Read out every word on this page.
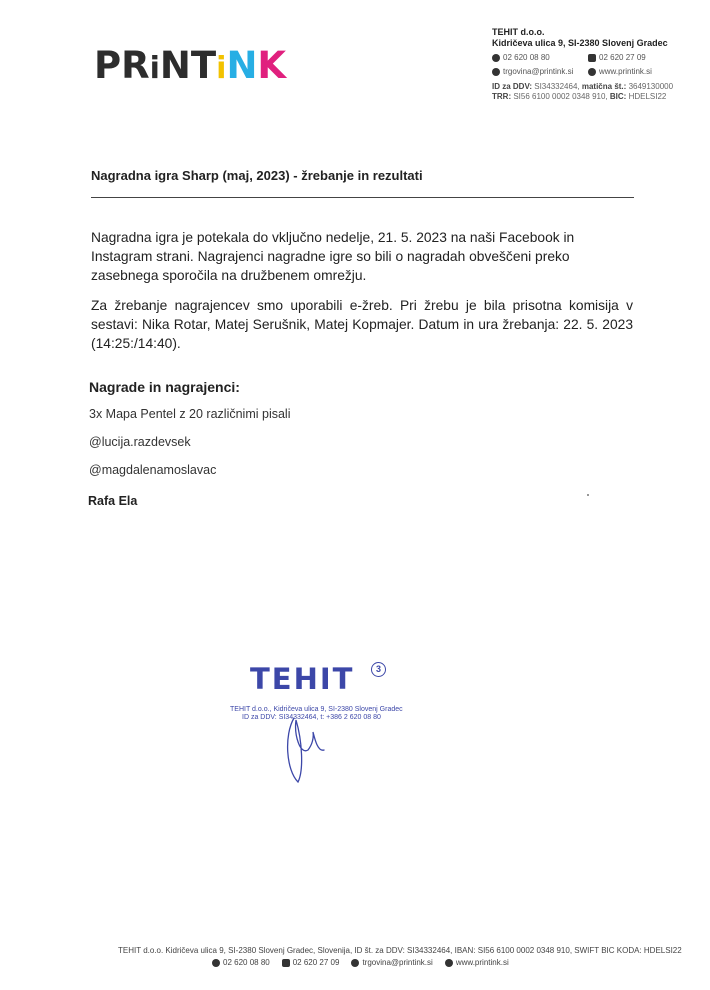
PRiNTiNK
TEHIT d.o.o.
Kidričeva ulica 9, SI-2380 Slovenj Gradec
02 620 08 80	02 620 27 09
trgovina@printink.si	www.printink.si
ID za DDV: SI34332464, matična št.: 3649130000
TRR: SI56 6100 0002 0348 910, BIC: HDELSI22
Nagradna igra Sharp (maj, 2023) - žrebanje in rezultati
Nagradna igra je potekala do vključno nedelje, 21. 5. 2023 na naši Facebook in Instagram strani. Nagrajenci nagradne igre so bili o nagradah obveščeni preko zasebnega sporočila na družbenem omrežju.
Za žrebanje nagrajencev smo uporabili e-žreb. Pri žrebu je bila prisotna komisija v sestavi: Nika Rotar, Matej Serušnik, Matej Kopmajer. Datum in ura žrebanja: 22. 5. 2023 (14:25:/14:40).
Nagrade in nagrajenci:
3x Mapa Pentel z 20 različnimi pisali
@lucija.razdevsek
@magdalenamoslavac
Rafa Ela
TEHIT	3
TEHIT d.o.o., Kidričeva ulica 9, SI-2380 Slovenj Gradec
ID za DDV: SI34332464, t: +386 2 620 08 80
TEHIT d.o.o. Kidričeva ulica 9, SI-2380 Slovenj Gradec, Slovenija, ID št. za DDV: SI34332464, IBAN: SI56 6100 0002 0348 910, SWIFT BIC KODA: HDELSI22
02 620 08 80	02 620 27 09	trgovina@printink.si	www.printink.si
